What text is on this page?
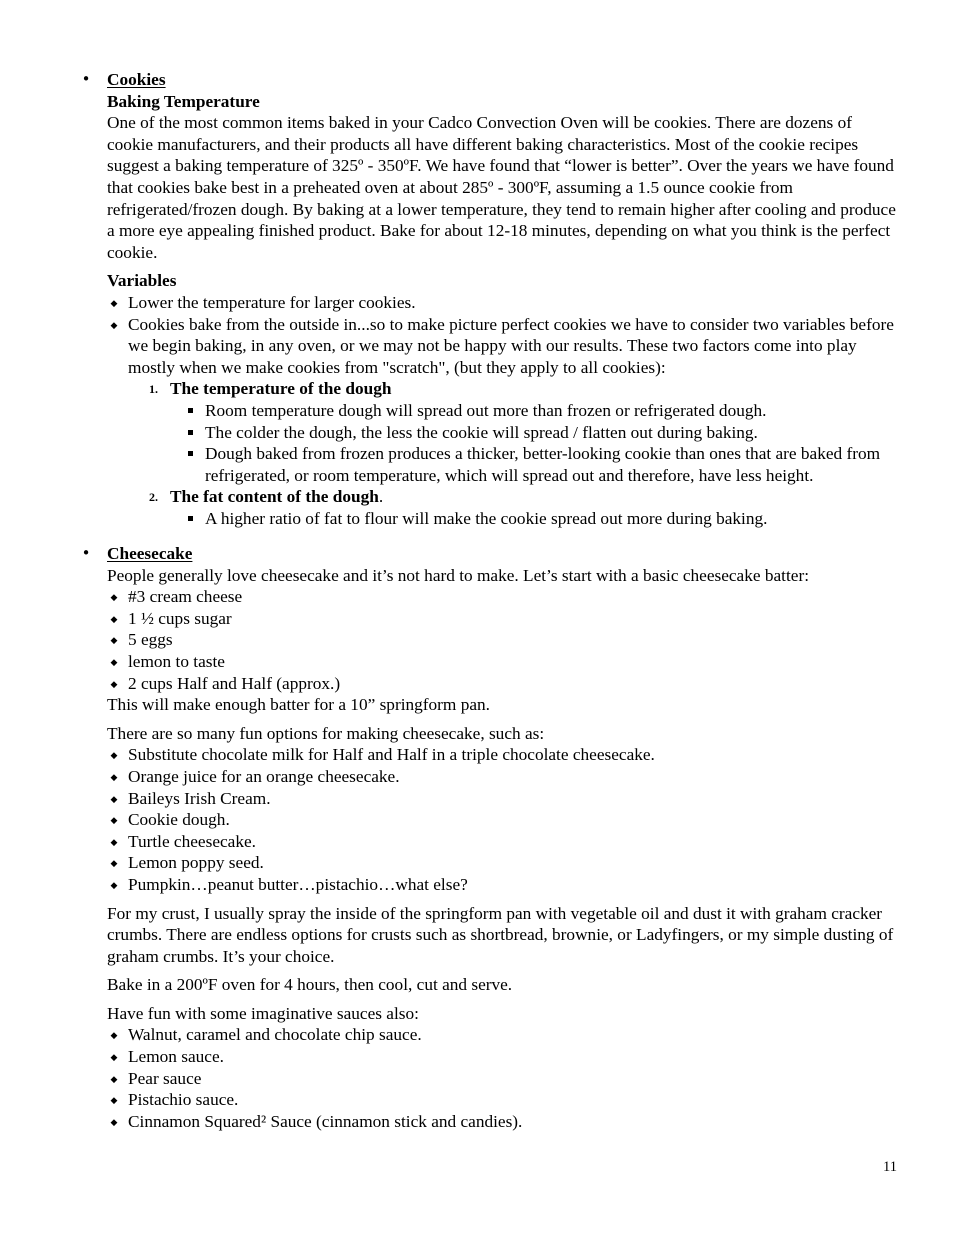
• Cookies

Baking Temperature

One of the most common items baked in your Cadco Convection Oven will be cookies. There are dozens of cookie manufacturers, and their products all have different baking characteristics. Most of the cookie recipes suggest a baking temperature of 325º - 350ºF. We have found that “lower is better”. Over the years we have found that cookies bake best in a preheated oven at about 285º - 300ºF, assuming a 1.5 ounce cookie from refrigerated/frozen dough. By baking at a lower temperature, they tend to remain higher after cooling and produce a more eye appealing finished product. Bake for about 12-18 minutes, depending on what you think is the perfect cookie.

Variables

◆ Lower the temperature for larger cookies.
◆ Cookies bake from the outside in...so to make picture perfect cookies we have to consider two variables before we begin baking, in any oven, or we may not be happy with our results. These two factors come into play mostly when we make cookies from "scratch", (but they apply to all cookies):
1. The temperature of the dough
Room temperature dough will spread out more than frozen or refrigerated dough.
The colder the dough, the less the cookie will spread / flatten out during baking.
Dough baked from frozen produces a thicker, better-looking cookie than ones that are baked from refrigerated, or room temperature, which will spread out and therefore, have less height.
2. The fat content of the dough.
A higher ratio of fat to flour will make the cookie spread out more during baking.
• Cheesecake

People generally love cheesecake and it’s not hard to make. Let’s start with a basic cheesecake batter:

◆ #3 cream cheese
◆ 1 ½ cups sugar
◆ 5 eggs
◆ lemon to taste
◆ 2 cups Half and Half (approx.)

This will make enough batter for a 10” springform pan.

There are so many fun options for making cheesecake, such as:

◆ Substitute chocolate milk for Half and Half in a triple chocolate cheesecake.
◆ Orange juice for an orange cheesecake.
◆ Baileys Irish Cream.
◆ Cookie dough.
◆ Turtle cheesecake.
◆ Lemon poppy seed.
◆ Pumpkin…peanut butter…pistachio…what else?

For my crust, I usually spray the inside of the springform pan with vegetable oil and dust it with graham cracker crumbs. There are endless options for crusts such as shortbread, brownie, or Ladyfingers, or my simple dusting of graham crumbs. It’s your choice.

Bake in a 200ºF oven for 4 hours, then cool, cut and serve.

Have fun with some imaginative sauces also:

◆ Walnut, caramel and chocolate chip sauce.
◆ Lemon sauce.
◆ Pear sauce
◆ Pistachio sauce.
◆ Cinnamon Squared² Sauce (cinnamon stick and candies).
11
